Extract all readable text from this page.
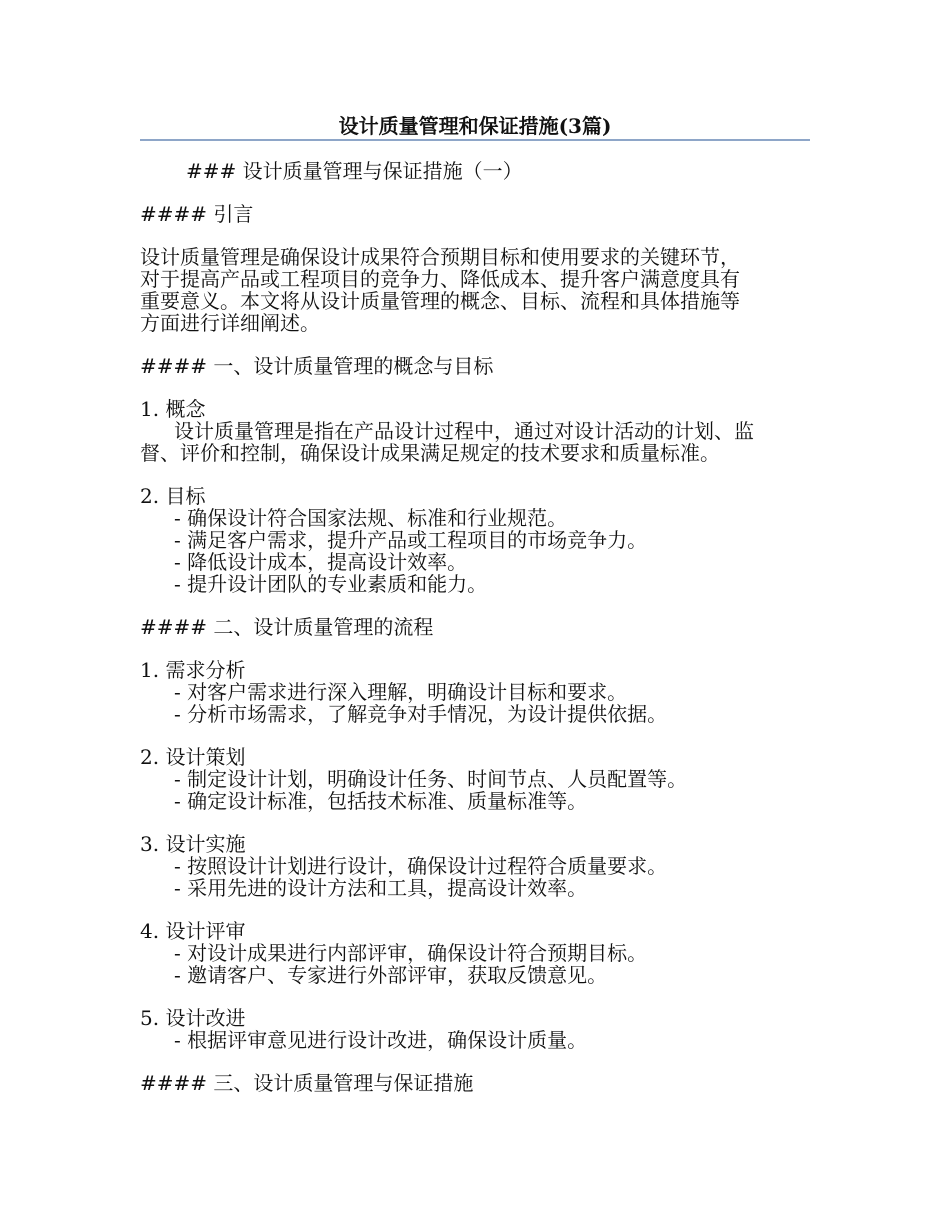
设计质量管理和保证措施(3篇)
### 设计质量管理与保证措施（一）
#### 引言
设计质量管理是确保设计成果符合预期目标和使用要求的关键环节，
对于提高产品或工程项目的竞争力、降低成本、提升客户满意度具有
重要意义。本文将从设计质量管理的概念、目标、流程和具体措施等
方面进行详细阐述。
#### 一、设计质量管理的概念与目标
1. 概念
设计质量管理是指在产品设计过程中，通过对设计活动的计划、监
督、评价和控制，确保设计成果满足规定的技术要求和质量标准。
2. 目标
- 确保设计符合国家法规、标准和行业规范。
- 满足客户需求，提升产品或工程项目的市场竞争力。
- 降低设计成本，提高设计效率。
- 提升设计团队的专业素质和能力。
#### 二、设计质量管理的流程
1. 需求分析
- 对客户需求进行深入理解，明确设计目标和要求。
- 分析市场需求，了解竞争对手情况，为设计提供依据。
2. 设计策划
- 制定设计计划，明确设计任务、时间节点、人员配置等。
- 确定设计标准，包括技术标准、质量标准等。
3. 设计实施
- 按照设计计划进行设计，确保设计过程符合质量要求。
- 采用先进的设计方法和工具，提高设计效率。
4. 设计评审
- 对设计成果进行内部评审，确保设计符合预期目标。
- 邀请客户、专家进行外部评审，获取反馈意见。
5. 设计改进
- 根据评审意见进行设计改进，确保设计质量。
#### 三、设计质量管理与保证措施
